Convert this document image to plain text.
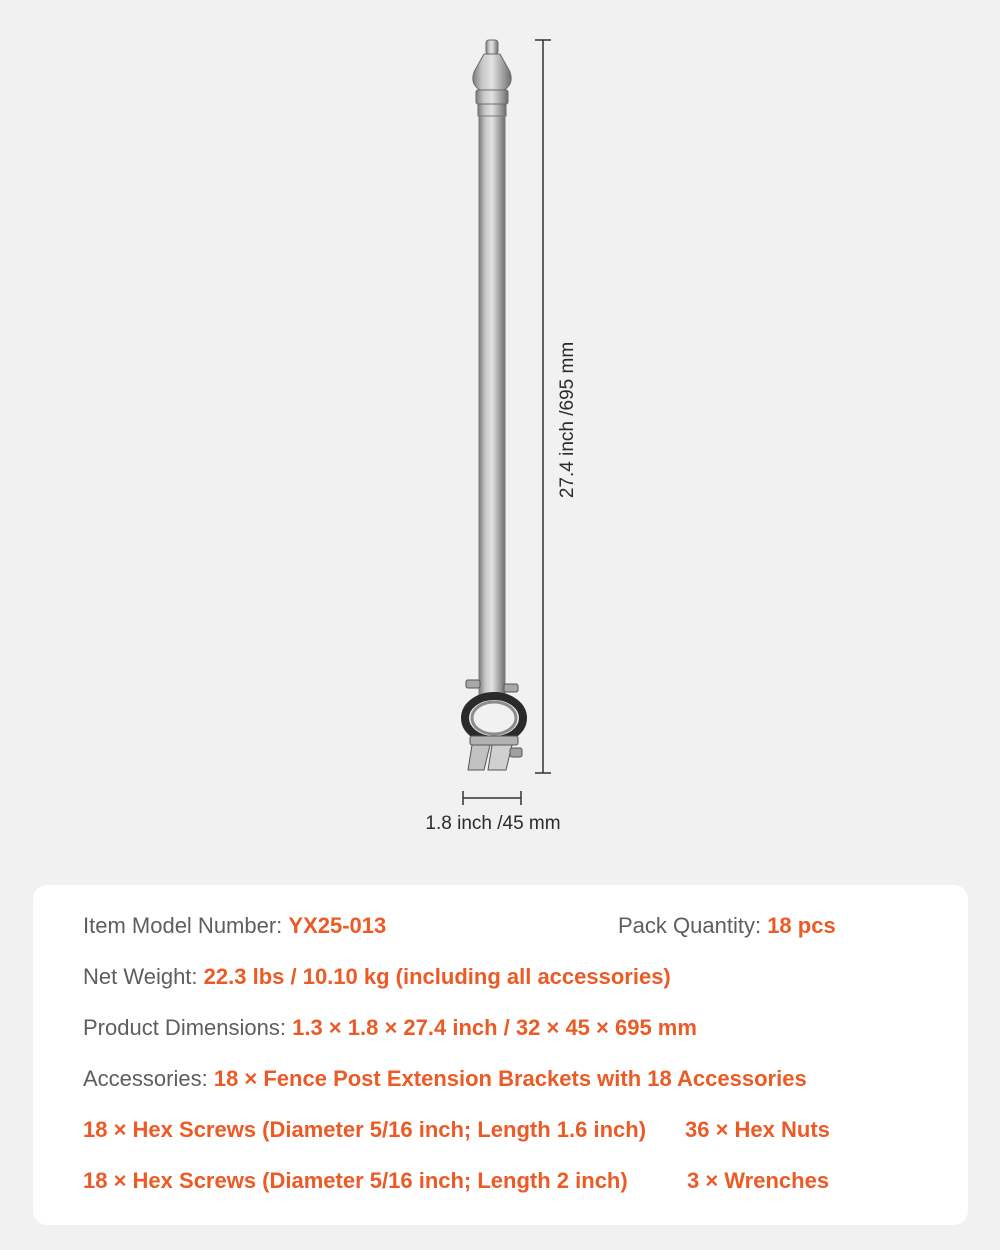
27.4 inch /695 mm
1.8 inch /45 mm
Item Model Number: YX25-013	Pack Quantity: 18 pcs
Net Weight: 22.3 lbs / 10.10 kg (including all accessories)
Product Dimensions: 1.3 × 1.8 × 27.4 inch / 32 × 45 × 695 mm
Accessories: 18 × Fence Post Extension Brackets with 18 Accessories
18 × Hex Screws (Diameter 5/16 inch; Length 1.6 inch) 36 × Hex Nuts
18 × Hex Screws (Diameter 5/16 inch; Length 2 inch)	3 × Wrenches
